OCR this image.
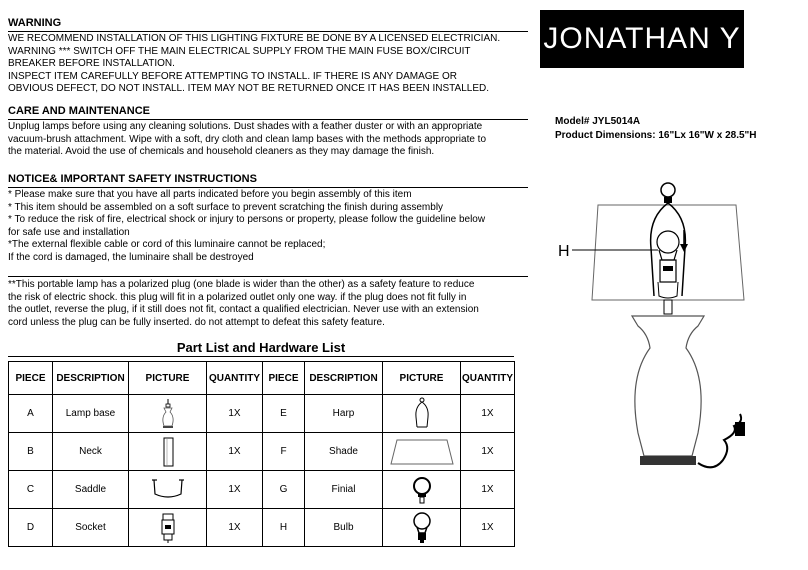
WARNING
WE RECOMMEND INSTALLATION OF THIS LIGHTING FIXTURE BE DONE BY A LICENSED ELECTRICIAN.
WARNING *** SWITCH OFF THE MAIN ELECTRICAL SUPPLY FROM THE MAIN FUSE BOX/CIRCUIT
BREAKER BEFORE INSTALLATION.
INSPECT ITEM CAREFULLY BEFORE ATTEMPTING TO INSTALL. IF THERE IS ANY DAMAGE OR
OBVIOUS DEFECT, DO NOT INSTALL. ITEM MAY NOT BE RETURNED ONCE IT HAS BEEN INSTALLED.
CARE AND MAINTENANCE
Unplug lamps before using any cleaning solutions. Dust shades with a feather duster or with an appropriate
vacuum-brush attachment. Wipe with a soft, dry cloth and clean lamp bases with the methods appropriate to
the material. Avoid the use of chemicals and household cleaners as they may damage the finish.
NOTICE& IMPORTANT SAFETY INSTRUCTIONS
* Please make sure that you have all parts indicated before you begin assembly of this item
* This item should be assembled on a soft surface to prevent scratching the finish during assembly
* To reduce the risk of fire, electrical shock or injury to persons or property, please follow the guideline below
for safe use and installation
*The external flexible cable or cord of this luminaire cannot be replaced;
If the cord is damaged, the luminaire shall be destroyed
**This portable lamp has a polarized plug (one blade is wider than the other) as a safety feature to reduce
the risk of electric shock. this plug will fit in a polarized outlet only one way. if the plug does not fit fully in
the outlet, reverse the plug, if it still does not fit, contact a qualified electrician. Never use with an extension
cord unless the plug can be fully inserted. do not attempt to defeat this safety feature.
Part List and Hardware List
PIECE	DESCRIPTION	PICTURE	QUANTITY	PIECE	DESCRIPTION	PICTURE	QUANTITY
A	Lamp base		1X	E	Harp		1X
B	Neck		1X	F	Shade		1X
C	Saddle		1X	G	Finial		1X
D	Socket		1X	H	Bulb		1X
JONATHAN Y
Model# JYL5014A
Product Dimensions: 16"Lx 16"W x 28.5"H
H
